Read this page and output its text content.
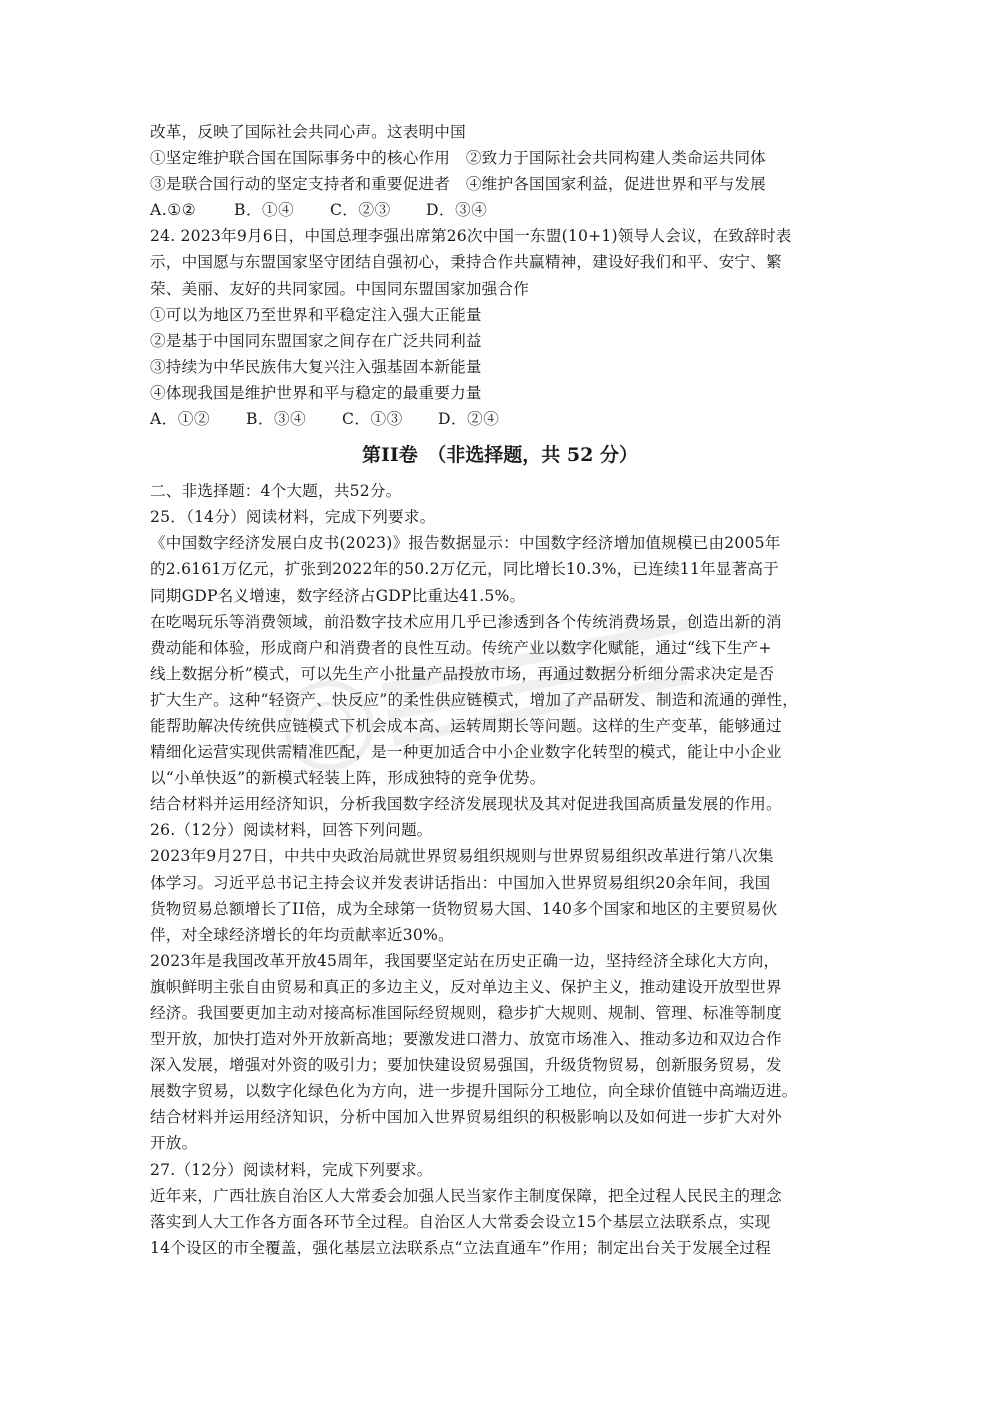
改革，反映了国际社会共同心声。这表明中国
①坚定维护联合国在国际事务中的核心作用　②致力于国际社会共同构建人类命运共同体
③是联合国行动的坚定支持者和重要促进者　④维护各国国家利益，促进世界和平与发展
A.①② B．①④ C．②③ D．③④
24. 2023年9月6日，中国总理李强出席第26次中国一东盟(10+1)领导人会议，在致辞时表
示，中国愿与东盟国家坚守团结自强初心，秉持合作共赢精神，建设好我们和平、安宁、繁
荣、美丽、友好的共同家园。中国同东盟国家加强合作
①可以为地区乃至世界和平稳定注入强大正能量
②是基于中国同东盟国家之间存在广泛共同利益
③持续为中华民族伟大复兴注入强基固本新能量
④体现我国是维护世界和平与稳定的最重要力量
A．①② B．③④ C．①③ D．②④
第II卷　（非选择题，共 52 分）
二、非选择题：4个大题，共52分。
25．（14分）阅读材料，完成下列要求。
《中国数字经济发展白皮书(2023)》报告数据显示：中国数字经济增加值规模已由2005年
的2.6161万亿元，扩张到2022年的50.2万亿元，同比增长10.3%，已连续11年显著高于
同期GDP名义增速，数字经济占GDP比重达41.5%。
在吃喝玩乐等消费领域，前沿数字技术应用几乎已渗透到各个传统消费场景，创造出新的消
费动能和体验，形成商户和消费者的良性互动。传统产业以数字化赋能，通过“线下生产+
线上数据分析”模式，可以先生产小批量产品投放市场，再通过数据分析细分需求决定是否
扩大生产。这种“轻资产、快反应”的柔性供应链模式，增加了产品研发、制造和流通的弹性，
能帮助解决传统供应链模式下机会成本高、运转周期长等问题。这样的生产变革，能够通过
精细化运营实现供需精准匹配，是一种更加适合中小企业数字化转型的模式，能让中小企业
以“小单快返”的新模式轻装上阵，形成独特的竞争优势。
结合材料并运用经济知识，分析我国数字经济发展现状及其对促进我国高质量发展的作用。
26.（12分）阅读材料，回答下列问题。
2023年9月27日，中共中央政治局就世界贸易组织规则与世界贸易组织改革进行第八次集
体学习。习近平总书记主持会议并发表讲话指出：中国加入世界贸易组织20余年间，我国
货物贸易总额增长了II倍，成为全球第一货物贸易大国、140多个国家和地区的主要贸易伙
伴，对全球经济增长的年均贡献率近30%。
2023年是我国改革开放45周年，我国要坚定站在历史正确一边，坚持经济全球化大方向，
旗帜鲜明主张自由贸易和真正的多边主义，反对单边主义、保护主义，推动建设开放型世界
经济。我国要更加主动对接高标准国际经贸规则，稳步扩大规则、规制、管理、标准等制度
型开放，加快打造对外开放新高地；要激发进口潜力、放宽市场准入、推动多边和双边合作
深入发展，增强对外资的吸引力；要加快建设贸易强国，升级货物贸易，创新服务贸易，发
展数字贸易，以数字化绿色化为方向，进一步提升国际分工地位，向全球价值链中高端迈进。
结合材料并运用经济知识，分析中国加入世界贸易组织的积极影响以及如何进一步扩大对外
开放。
27.（12分）阅读材料，完成下列要求。
近年来，广西壮族自治区人大常委会加强人民当家作主制度保障，把全过程人民民主的理念
落实到人大工作各方面各环节全过程。自治区人大常委会设立15个基层立法联系点，实现
14个设区的市全覆盖，强化基层立法联系点“立法直通车”作用；制定出台关于发展全过程
